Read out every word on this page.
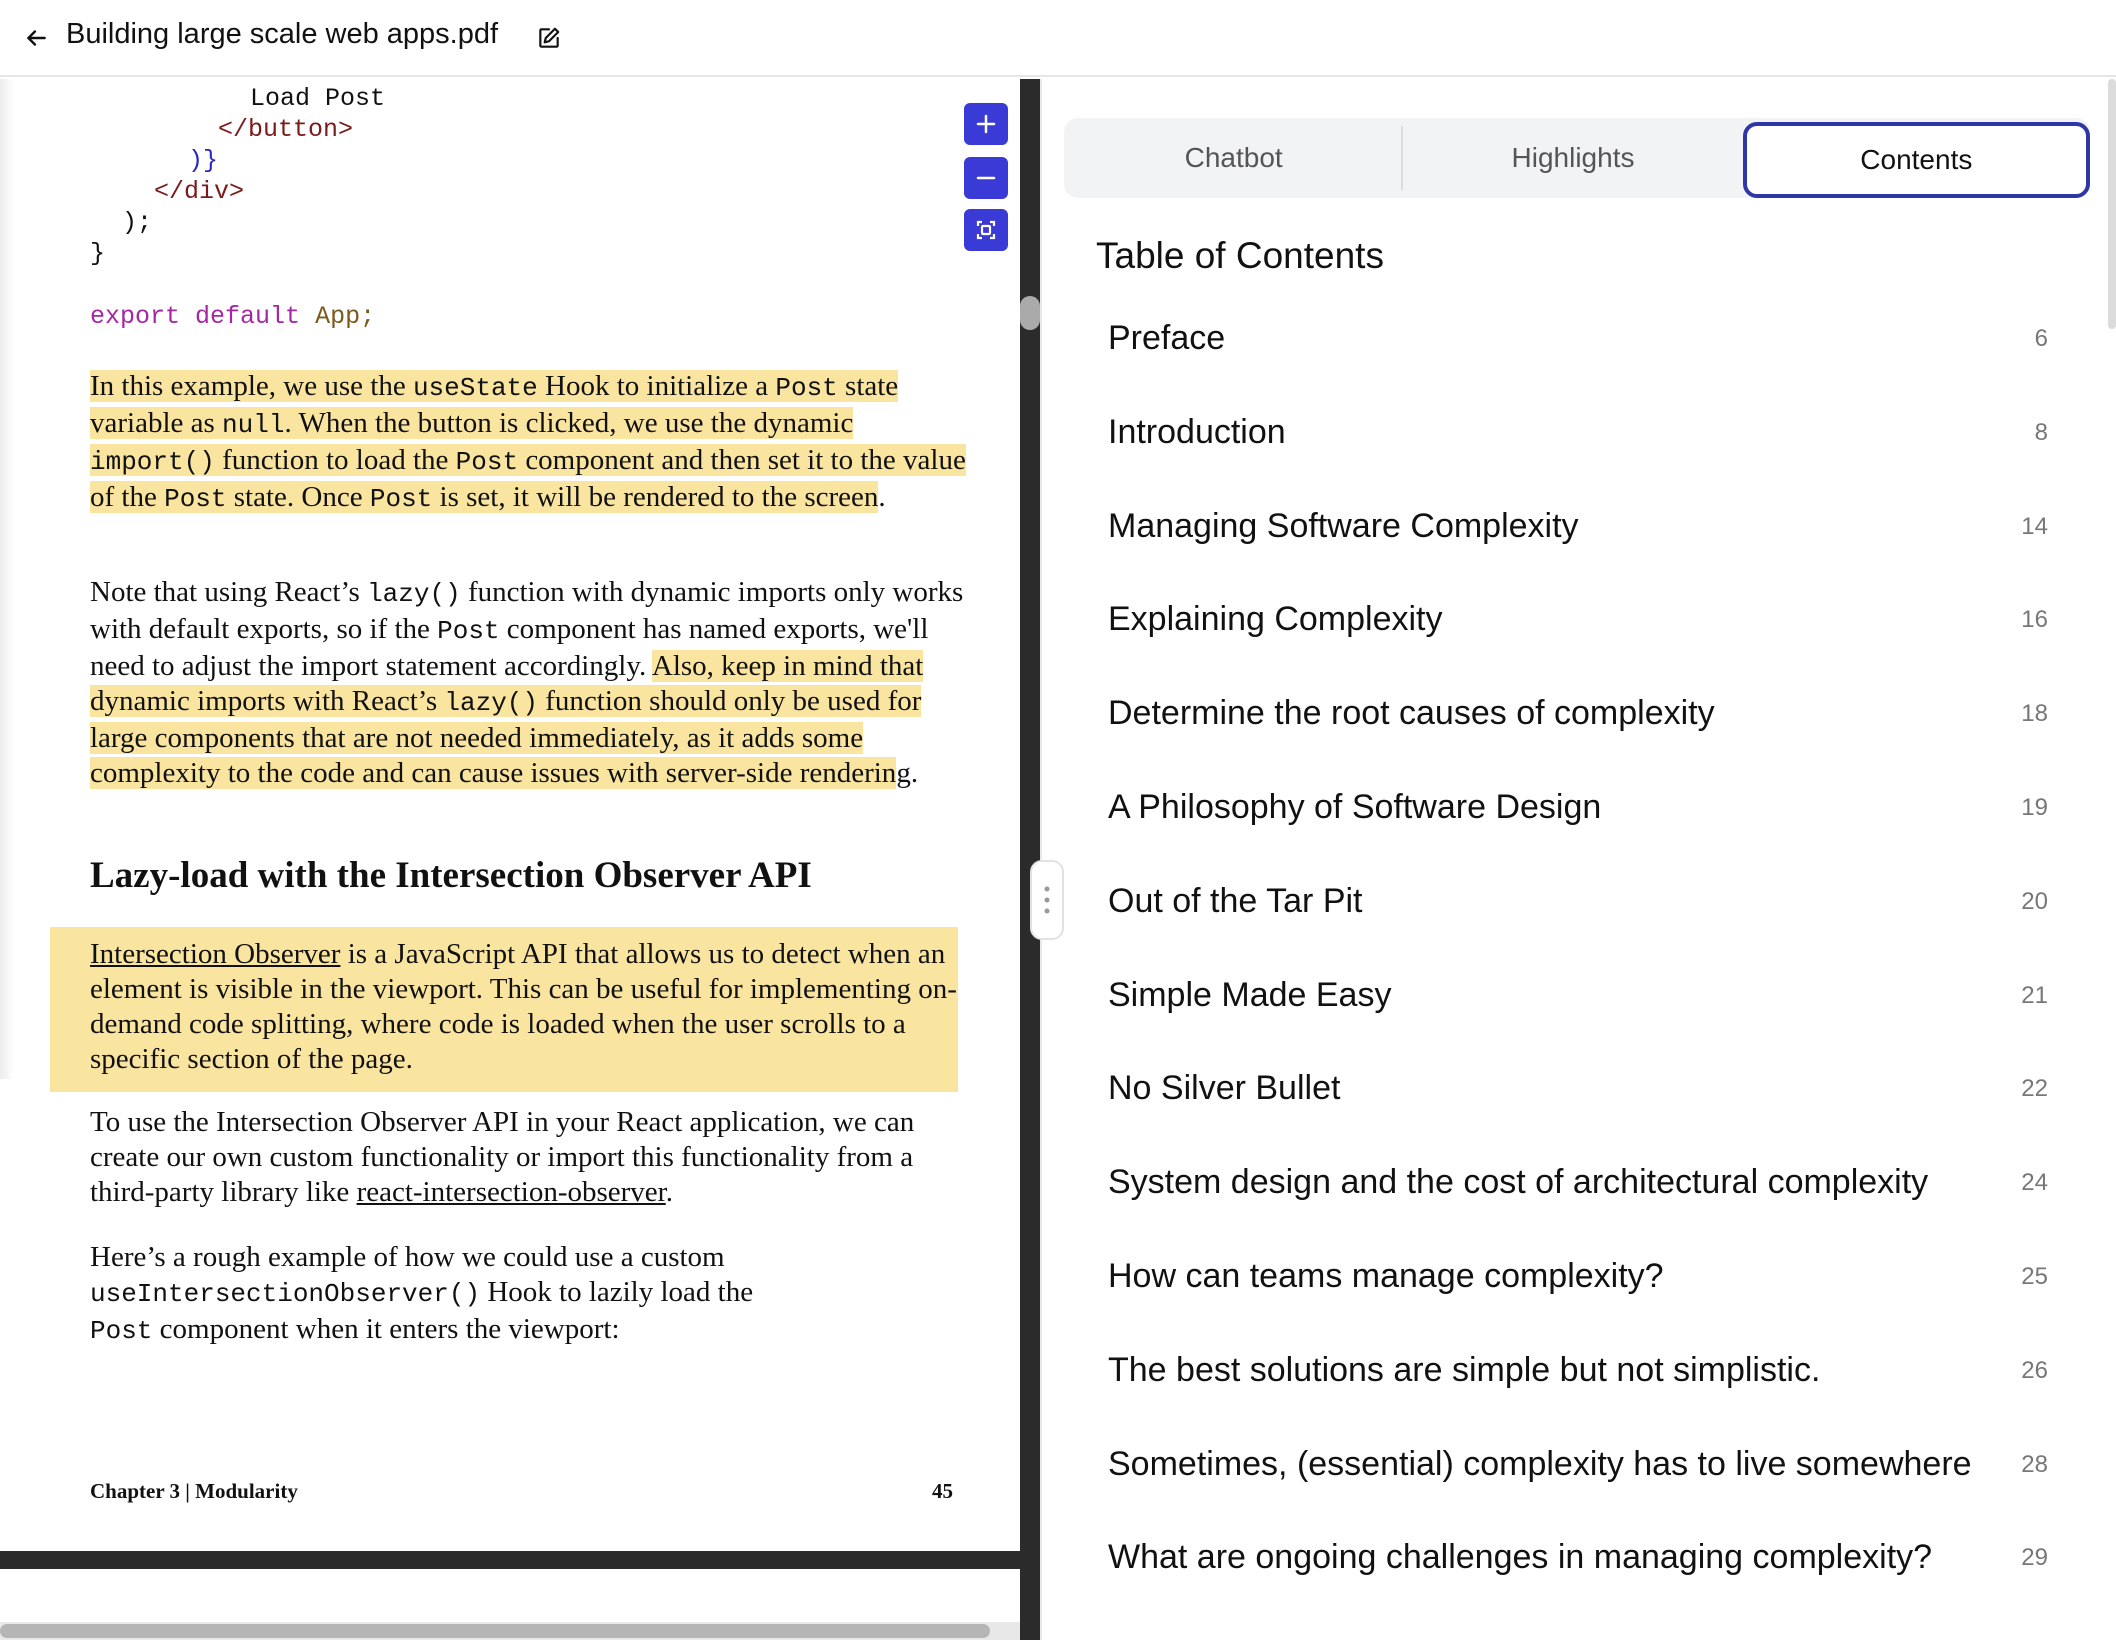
Building large scale web apps.pdf
Load Post
</button>
)}
</div>
);
}
export default App;
In this example, we use the useState Hook to initialize a Post state variable as null. When the button is clicked, we use the dynamic import() function to load the Post component and then set it to the value of the Post state. Once Post is set, it will be rendered to the screen.
Note that using React’s lazy() function with dynamic imports only works with default exports, so if the Post component has named exports, we'll need to adjust the import statement accordingly. Also, keep in mind that dynamic imports with React’s lazy() function should only be used for large components that are not needed immediately, as it adds some complexity to the code and can cause issues with server-side rendering.
Lazy-load with the Intersection Observer API
Intersection Observer is a JavaScript API that allows us to detect when an element is visible in the viewport. This can be useful for implementing on-demand code splitting, where code is loaded when the user scrolls to a specific section of the page.
To use the Intersection Observer API in your React application, we can create our own custom functionality or import this functionality from a third-party library like react-intersection-observer.
Here’s a rough example of how we could use a custom useIntersectionObserver() Hook to lazily load the Post component when it enters the viewport:
Chapter 3 | Modularity	45
Chatbot	Highlights	Contents
Table of Contents
Preface	6
Introduction	8
Managing Software Complexity	14
Explaining Complexity	16
Determine the root causes of complexity	18
A Philosophy of Software Design	19
Out of the Tar Pit	20
Simple Made Easy	21
No Silver Bullet	22
System design and the cost of architectural complexity	24
How can teams manage complexity?	25
The best solutions are simple but not simplistic.	26
Sometimes, (essential) complexity has to live somewhere 28
What are ongoing challenges in managing complexity?	29
